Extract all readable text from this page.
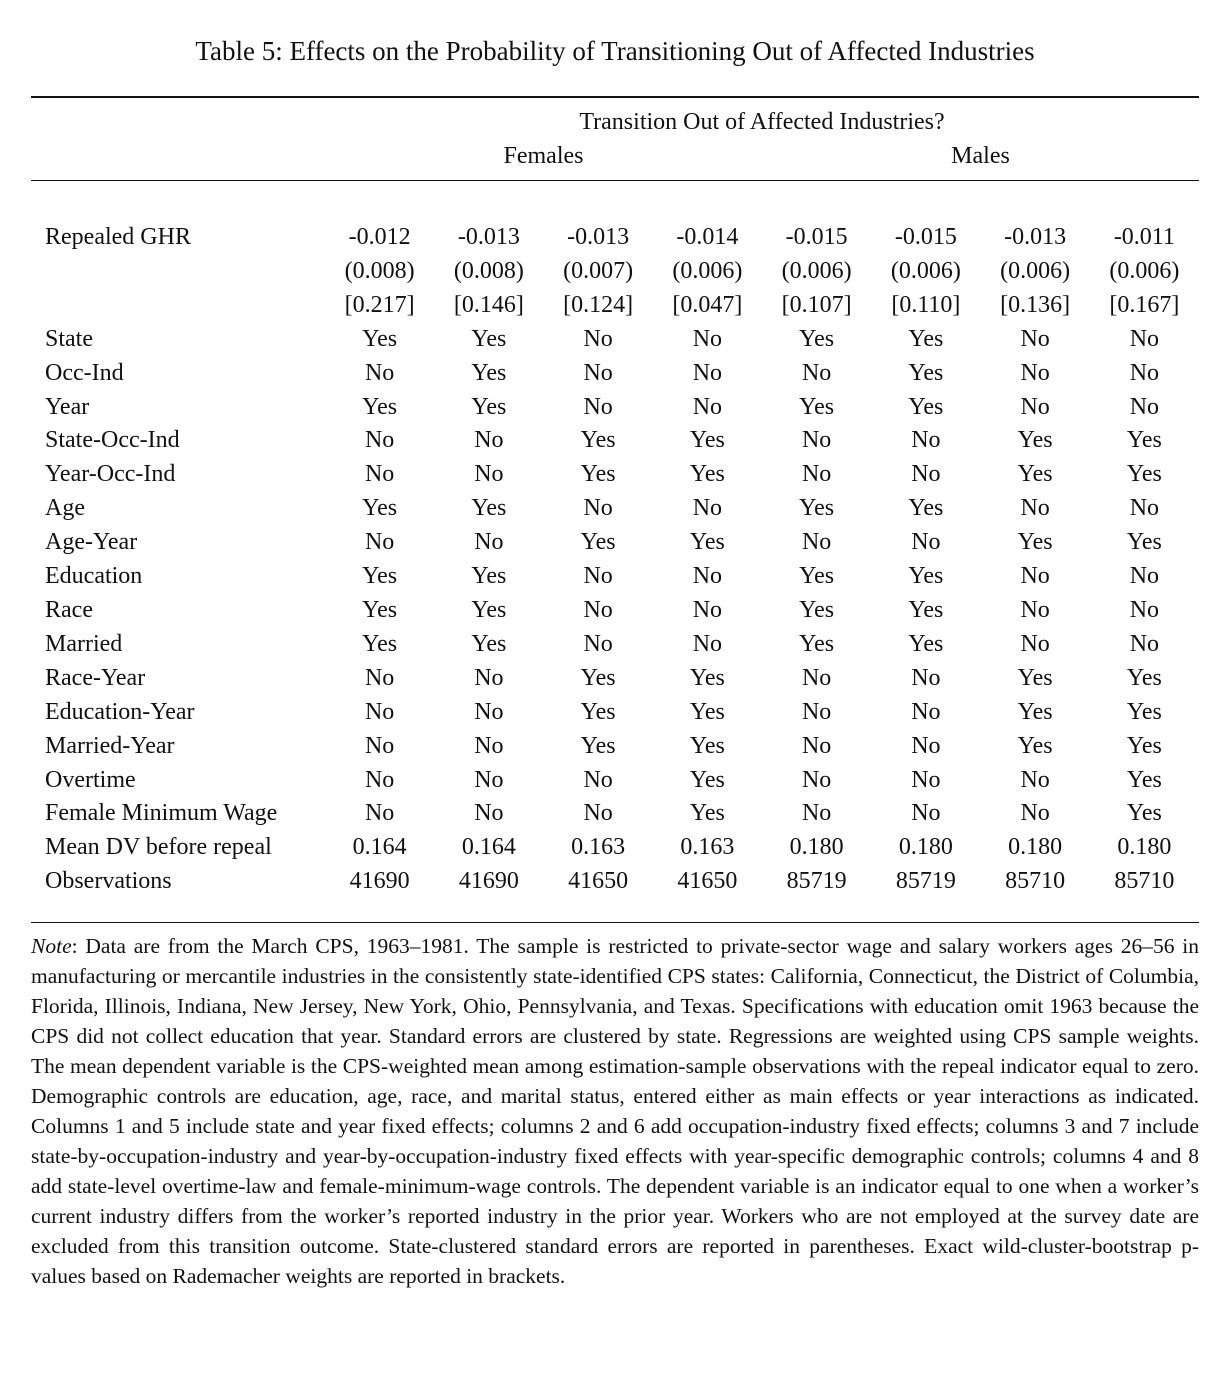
Table 5: Effects on the Probability of Transitioning Out of Affected Industries
Transition Out of Affected Industries?
Females	Males
Repealed GHR	-0.012	-0.013	-0.013	-0.014	-0.015	-0.015	-0.013	-0.011
	(0.008)	(0.008)	(0.007)	(0.006)	(0.006)	(0.006)	(0.006)	(0.006)
	[0.217]	[0.146]	[0.124]	[0.047]	[0.107]	[0.110]	[0.136]	[0.167]
State	Yes	Yes	No	No	Yes	Yes	No	No
Occ-Ind	No	Yes	No	No	No	Yes	No	No
Year	Yes	Yes	No	No	Yes	Yes	No	No
State-Occ-Ind	No	No	Yes	Yes	No	No	Yes	Yes
Year-Occ-Ind	No	No	Yes	Yes	No	No	Yes	Yes
Age	Yes	Yes	No	No	Yes	Yes	No	No
Age-Year	No	No	Yes	Yes	No	No	Yes	Yes
Education	Yes	Yes	No	No	Yes	Yes	No	No
Race	Yes	Yes	No	No	Yes	Yes	No	No
Married	Yes	Yes	No	No	Yes	Yes	No	No
Race-Year	No	No	Yes	Yes	No	No	Yes	Yes
Education-Year	No	No	Yes	Yes	No	No	Yes	Yes
Married-Year	No	No	Yes	Yes	No	No	Yes	Yes
Overtime	No	No	No	Yes	No	No	No	Yes
Female Minimum Wage	No	No	No	Yes	No	No	No	Yes
Mean DV before repeal	0.164	0.164	0.163	0.163	0.180	0.180	0.180	0.180
Observations	41690	41690	41650	41650	85719	85719	85710	85710
Note: Data are from the March CPS, 1963–1981. The sample is restricted to private-sector wage and salary workers ages 26–56 in manufacturing or mercantile industries in the consistently state-identified CPS states: California, Connecticut, the District of Columbia, Florida, Illinois, Indiana, New Jersey, New York, Ohio, Pennsylvania, and Texas. Specifications with education omit 1963 because the CPS did not collect education that year. Standard errors are clustered by state. Regressions are weighted using CPS sample weights. The mean dependent variable is the CPS-weighted mean among estimation-sample observations with the repeal indicator equal to zero. Demographic controls are education, age, race, and marital status, entered either as main effects or year interactions as indicated. Columns 1 and 5 include state and year fixed effects; columns 2 and 6 add occupation-industry fixed effects; columns 3 and 7 include state-by-occupation-industry and year-by-occupation-industry fixed effects with year-specific demographic controls; columns 4 and 8 add state-level overtime-law and female-minimum-wage controls. The dependent variable is an indicator equal to one when a worker’s current industry differs from the worker’s reported industry in the prior year. Workers who are not employed at the survey date are excluded from this transition outcome. State-clustered standard errors are reported in parentheses. Exact wild-cluster-bootstrap p-values based on Rademacher weights are reported in brackets.
